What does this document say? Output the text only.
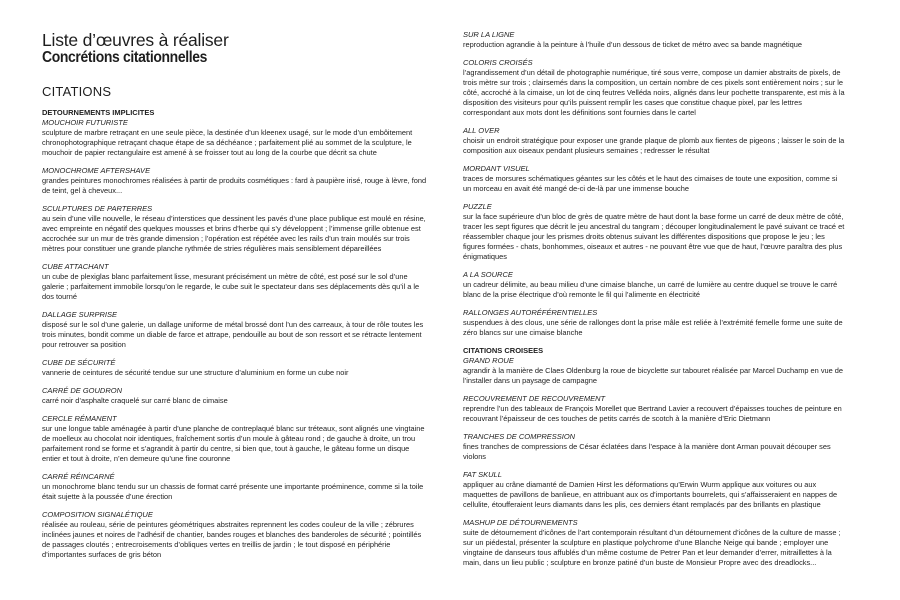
Liste d’œuvres à réaliser
Concrétions citationnelles
CITATIONS
DETOURNEMENTS IMPLICITES
MOUCHOIR FUTURISTE

sculpture de marbre retraçant en une seule pièce, la destinée d’un kleenex usagé, sur le mode d’un embôitement chronophotographique retraçant chaque étape de sa déchéance ; parfaitement plié au sommet de la sculpture, le mouchoir de papier rectangulaire est amené à se froisser tout au long de la courbe que décrit sa chute

MONOCHROME AFTERSHAVE

grandes peintures monochromes réalisées à partir de produits cosmétiques : fard à paupière irisé, rouge à lèvre, fond de teint, gel à cheveux...

SCULPTURES DE PARTERRES

au sein d’une ville nouvelle, le réseau d’interstices que dessinent les pavés d’une place publique est moulé en résine, avec empreinte en négatif des quelques mousses et brins d’herbe qui s’y développent ; l’immense grille obtenue est accrochée sur un mur de très grande dimension ; l’opération est répétée avec les rails d’un train moulés sur trois mètres pour constituer une grande planche rythmée de stries régulières mais sensiblement dépareillées

CUBE ATTACHANT

un cube de plexiglas blanc parfaitement lisse, mesurant précisément un mètre de côté, est posé sur le sol d’une galerie ; parfaitement immobile lorsqu’on le regarde, le cube suit le spectateur dans ses déplacements dès qu’il a le dos tourné

DALLAGE SURPRISE

disposé sur le sol d’une galerie, un dallage uniforme de métal brossé dont l’un des carreaux, à tour de rôle toutes les trois minutes, bondit comme un diable de farce et attrape, pendouille au bout de son ressort et se rétracte lentement pour retrouver sa position

CUBE DE SÉCURITÉ

vannerie de ceintures de sécurité tendue sur une structure d’aluminium en forme un cube noir

CARRÉ DE GOUDRON

carré noir d’asphalte craquelé sur carré blanc de cimaise

CERCLE RÉMANENT

sur une longue table aménagée à partir d’une planche de contreplaqué blanc sur tréteaux, sont alignés une vingtaine de moelleux au chocolat noir identiques, fraîchement sortis d’un moule à gâteau rond ; de gauche à droite, un trou parfaitement rond se forme et s’agrandit à partir du centre, si bien que, tout à gauche, le gâteau forme un disque entier et tout à droite, n’en demeure qu’une fine couronne

CARRÉ RÉINCARNÉ

un monochrome blanc tendu sur un chassis de format carré présente une importante proéminence, comme si la toile était sujette à la poussée d’une érection

COMPOSITION SIGNALÉTIQUE

réalisée au rouleau, série de peintures géométriques abstraites reprennent les codes couleur de la ville ; zébrures inclinées jaunes et noires de l’adhésif de chantier, bandes rouges et blanches des banderoles de sécurité ; pointillés de passages cloutés ; entrecroisements d’obliques vertes en treillis de jardin ; le tout disposé en périphérie d’importantes surfaces de gris béton

SUR LA LIGNE

reproduction agrandie à la peinture à l’huile d’un dessous de ticket de métro avec sa bande magnétique

COLORIS CROISÉS

l’agrandissement d’un détail de photographie numérique, tiré sous verre, compose un damier abstraits de pixels, de trois mètre sur trois ; clairsemés dans la composition, un certain nombre de ces pixels sont entièrement noirs ; sur le côté, accroché à la cimaise, un lot de cinq feutres Velléda noirs, alignés dans leur pochette transparente, est mis à la disposition des visiteurs pour qu’ils puissent remplir les cases que constitue chaque pixel, par les lettres correspondant aux mots dont les définitions sont fournies dans le cartel

ALL OVER

choisir un endroit stratégique pour exposer une grande plaque de plomb aux fientes de pigeons ; laisser le soin de la composition aux oiseaux pendant plusieurs semaines ; redresser le résultat

MORDANT VISUEL

traces de morsures schématiques géantes sur les côtés et le haut des cimaises de toute une exposition, comme si un morceau en avait été mangé de-ci de-là par une immense bouche

PUZZLE

sur la face supérieure d’un bloc de grès de quatre mètre de haut dont la base forme un carré de deux mètre de côté, tracer les sept figures que décrit le jeu ancestral du tangram ; découper longitudinalement le pavé suivant ce tracé et réassembler chaque jour les prismes droits obtenus suivant les différentes dispositions que propose le jeu ; les figures formées - chats, bonhommes, oiseaux et autres - ne pouvant être vue que de haut, l’œuvre paraîtra des plus énigmatiques

A LA SOURCE

un cadreur délimite, au beau milieu d’une cimaise blanche, un carré de lumière au centre duquel se trouve le carré blanc de la prise électrique d’où remonte le fil qui l’alimente en électricité

RALLONGES AUTORÉFÉRENTIELLES

suspendues à des clous, une série de rallonges dont la prise mâle est reliée à l’extrémité femelle forme une suite de zéro blancs sur une cimaise blanche

CITATIONS CROISEES
GRAND ROUE

agrandir à la manière de Claes Oldenburg la roue de bicyclette sur tabouret réalisée par Marcel Duchamp en vue de l’installer dans un paysage de campagne

RECOUVREMENT DE RECOUVREMENT

reprendre l’un des tableaux de François Morellet que Bertrand Lavier a recouvert d’épaisses touches de peinture en recouvrant l’épaisseur de ces touches de petits carrés de scotch à la manière d’Eric Dietmann

TRANCHES DE COMPRESSION

fines tranches de compressions de César éclatées dans l’espace à la manière dont Arman pouvait découper ses violons

FAT SKULL

appliquer au crâne diamanté de Damien Hirst les déformations qu’Erwin Wurm applique aux voitures ou aux maquettes de pavillons de banlieue, en attribuant aux os d’importants bourrelets, qui s’affaisseraient en nappes de cellulite, étoufferaient leurs diamants dans les plis, ces derniers étant remplacés par des brillants en plastique

MASHUP DE DÉTOURNEMENTS

suite de détournement d’icônes de l’art contemporain résultant d’un détournement d’icônes de la culture de masse ; sur un piédestal, présenter la sculpture en plastique polychrome d’une Blanche Neige qui bande ; employer une vingtaine de danseurs tous affublés d’un même costume de Petrer Pan et leur demander d’errer, mitraillettes à la main, dans un lieu public ; sculpture en bronze patiné d’un buste de Monsieur Propre avec des dreadlocks...
